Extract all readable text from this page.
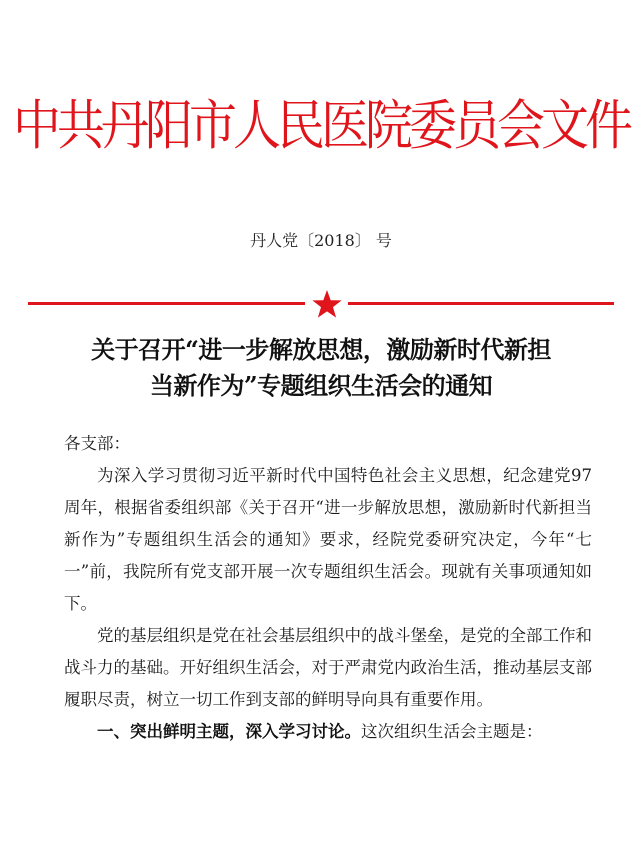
中共丹阳市人民医院委员会文件
丹人党〔2018〕 号
关于召开“进一步解放思想，激励新时代新担
当新作为”专题组织生活会的通知

各支部：

为深入学习贯彻习近平新时代中国特色社会主义思想，纪念建党97周年，根据省委组织部《关于召开“进一步解放思想，激励新时代新担当新作为”专题组织生活会的通知》要求，经院党委研究决定，今年“七一”前，我院所有党支部开展一次专题组织生活会。现就有关事项通知如下。

党的基层组织是党在社会基层组织中的战斗堡垒，是党的全部工作和战斗力的基础。开好组织生活会，对于严肃党内政治生活，推动基层支部履职尽责，树立一切工作到支部的鲜明导向具有重要作用。

一、突出鲜明主题，深入学习讨论。这次组织生活会主题是：
